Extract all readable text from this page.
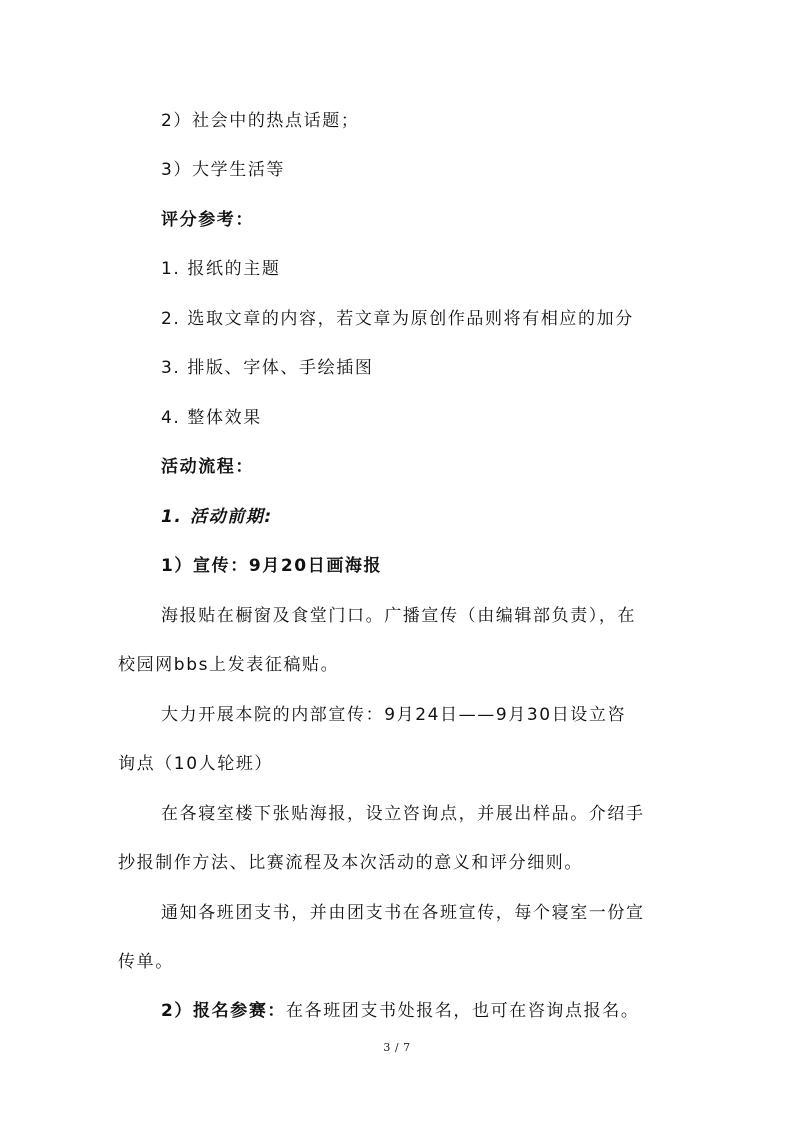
2）社会中的热点话题；
3）大学生活等
评分参考：
1. 报纸的主题
2. 选取文章的内容，若文章为原创作品则将有相应的加分
3. 排版、字体、手绘插图
4. 整体效果
活动流程：
1. 活动前期:
1）宣传：9月20日画海报
海报贴在橱窗及食堂门口。广播宣传（由编辑部负责），在
校园网bbs上发表征稿贴。
大力开展本院的内部宣传：9月24日——9月30日设立咨
询点（10人轮班）
在各寝室楼下张贴海报，设立咨询点，并展出样品。介绍手
抄报制作方法、比赛流程及本次活动的意义和评分细则。
通知各班团支书，并由团支书在各班宣传，每个寝室一份宣
传单。
2）报名参赛：在各班团支书处报名，也可在咨询点报名。
3 / 7
